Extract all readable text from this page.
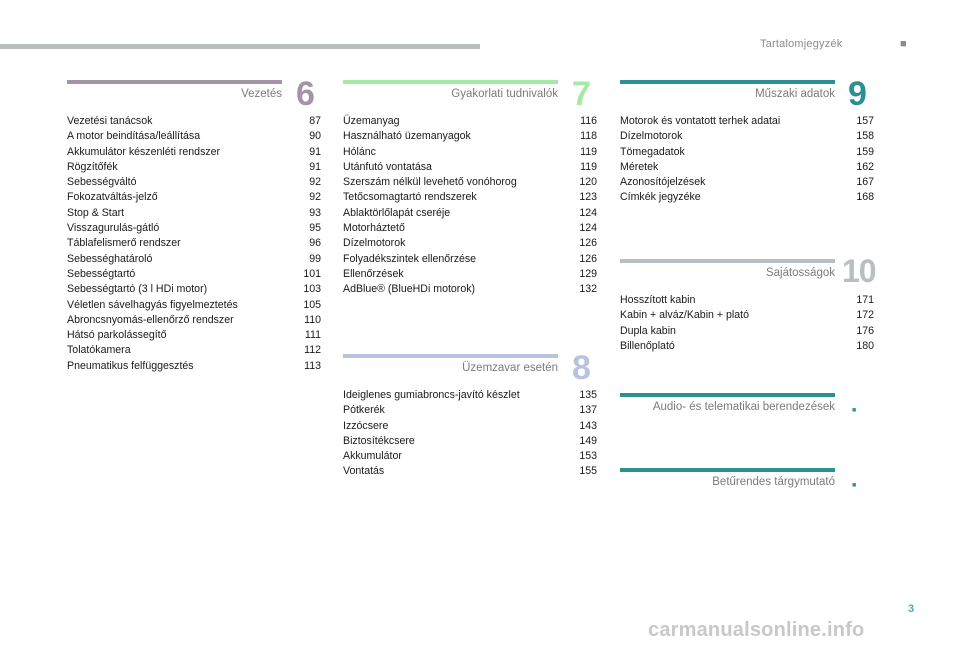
Tartalomjegyzék	■
Vezetés 6
Vezetési tanácsok	87
A motor beindítása/leállítása	90
Akkumulátor készenléti rendszer	91
Rögzítőfék	91
Sebességváltó	92
Fokozatváltás-jelző	92
Stop & Start	93
Visszagurulás-gátló	95
Táblafelismerő rendszer	96
Sebességhatároló	99
Sebességtartó	101
Sebességtartó (3 l HDi motor)	103
Véletlen sávelhagyás figyelmeztetés	105
Abroncsnyomás-ellenőrző rendszer	110
Hátsó parkolássegítő	111
Tolatókamera	112
Pneumatikus felfüggesztés	113
Gyakorlati tudnivalók 7
Üzemanyag	116
Használható üzemanyagok	118
Hólánc	119
Utánfutó vontatása	119
Szerszám nélkül levehető vonóhorog	120
Tetőcsomagtartó rendszerek	123
Ablaktörlőlapát cseréje	124
Motorháztető	124
Dízelmotorok	126
Folyadékszintek ellenőrzése	126
Ellenőrzések	129
AdBlue® (BlueHDi motorok)	132
Üzemzavar esetén 8
Ideiglenes gumiabroncs-javító készlet	135
Pótkerék	137
Izzócsere	143
Biztosítékcsere	149
Akkumulátor	153
Vontatás	155
Műszaki adatok 9
Motorok és vontatott terhek adatai	157
Dízelmotorok	158
Tömegadatok	159
Méretek	162
Azonosítójelzések	167
Címkék jegyzéke	168
Sajátosságok 10
Hosszított kabin	171
Kabin + alváz/Kabin + plató	172
Dupla kabin	176
Billenőplató	180
Audio- és telematikai berendezések ■
Betűrendes tárgymutató ■
3
carmanualsonline.info
